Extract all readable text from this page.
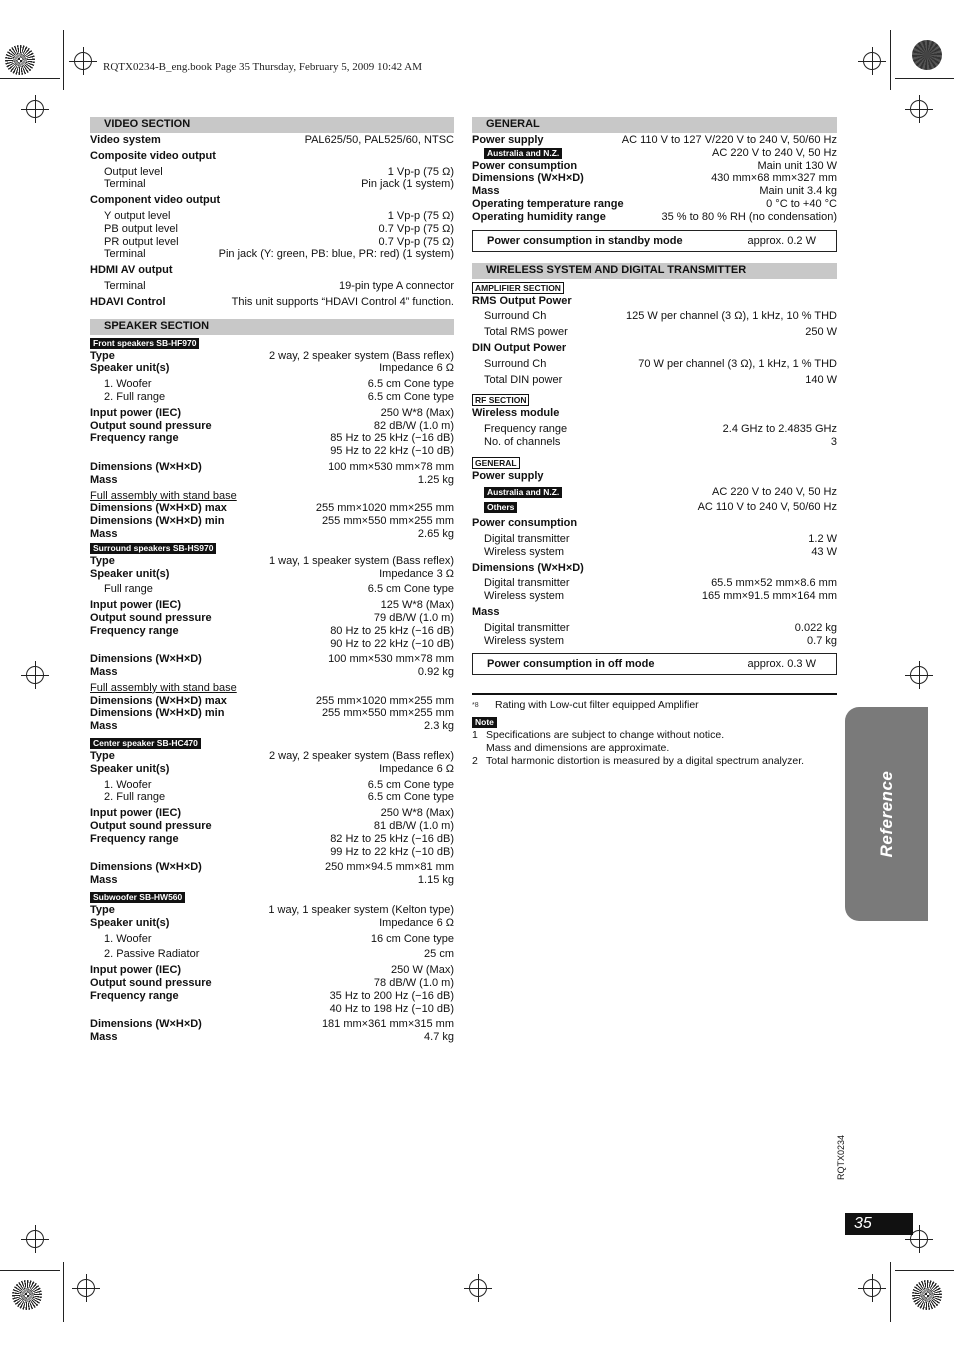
RQTX0234-B_eng.book Page 35 Thursday, February 5, 2009 10:42 AM
VIDEO SECTION
Video system	PAL625/50, PAL525/60, NTSC
Composite video output
Output level	1 Vp-p (75 Ω)
Terminal	Pin jack (1 system)
Component video output
Y output level	1 Vp-p (75 Ω)
PB output level	0.7 Vp-p (75 Ω)
PR output level	0.7 Vp-p (75 Ω)
Terminal	Pin jack (Y: green, PB: blue, PR: red) (1 system)
HDMI AV output
Terminal	19-pin type A connector
HDAVI Control	This unit supports “HDAVI Control 4” function.
SPEAKER SECTION
Front speakers SB-HF970
Type	2 way, 2 speaker system (Bass reflex)
Speaker unit(s)	Impedance 6 Ω
1. Woofer	6.5 cm Cone type
2. Full range	6.5 cm Cone type
Input power (IEC)	250 W*8 (Max)
Output sound pressure	82 dB/W (1.0 m)
Frequency range	85 Hz to 25 kHz (−16 dB)
95 Hz to 22 kHz (−10 dB)
Dimensions (W×H×D)	100 mm×530 mm×78 mm
Mass	1.25 kg
Full assembly with stand base
Dimensions (W×H×D) max	255 mm×1020 mm×255 mm
Dimensions (W×H×D) min	255 mm×550 mm×255 mm
Mass	2.65 kg
Surround speakers SB-HS970
Type	1 way, 1 speaker system (Bass reflex)
Speaker unit(s)	Impedance 3 Ω
Full range	6.5 cm Cone type
Input power (IEC)	125 W*8 (Max)
Output sound pressure	79 dB/W (1.0 m)
Frequency range	80 Hz to 25 kHz (−16 dB)
90 Hz to 22 kHz (−10 dB)
Dimensions (W×H×D)	100 mm×530 mm×78 mm
Mass	0.92 kg
Full assembly with stand base
Dimensions (W×H×D) max	255 mm×1020 mm×255 mm
Dimensions (W×H×D) min	255 mm×550 mm×255 mm
Mass	2.3 kg
Center speaker SB-HC470
Type	2 way, 2 speaker system (Bass reflex)
Speaker unit(s)	Impedance 6 Ω
1. Woofer	6.5 cm Cone type
2. Full range	6.5 cm Cone type
Input power (IEC)	250 W*8 (Max)
Output sound pressure	81 dB/W (1.0 m)
Frequency range	82 Hz to 25 kHz (−16 dB)
99 Hz to 22 kHz (−10 dB)
Dimensions (W×H×D)	250 mm×94.5 mm×81 mm
Mass	1.15 kg
Subwoofer SB-HW560
Type	1 way, 1 speaker system (Kelton type)
Speaker unit(s)	Impedance 6 Ω
1. Woofer	16 cm Cone type
2. Passive Radiator	25 cm
Input power (IEC)	250 W (Max)
Output sound pressure	78 dB/W (1.0 m)
Frequency range	35 Hz to 200 Hz (−16 dB)
40 Hz to 198 Hz (−10 dB)
Dimensions (W×H×D)	181 mm×361 mm×315 mm
Mass	4.7 kg
GENERAL
Power supply	AC 110 V to 127 V/220 V to 240 V, 50/60 Hz
Australia and N.Z.	AC 220 V to 240 V, 50 Hz
Power consumption	Main unit 130 W
Dimensions (W×H×D)	430 mm×68 mm×327 mm
Mass	Main unit 3.4 kg
Operating temperature range	0 °C to +40 °C
Operating humidity range	35 % to 80 % RH (no condensation)
Power consumption in standby mode	approx. 0.2 W
WIRELESS SYSTEM AND DIGITAL TRANSMITTER
AMPLIFIER SECTION
RMS Output Power
Surround Ch	125 W per channel (3 Ω), 1 kHz, 10 % THD
Total RMS power	250 W
DIN Output Power
Surround Ch	70 W per channel (3 Ω), 1 kHz, 1 % THD
Total DIN power	140 W
RF SECTION
Wireless module
Frequency range	2.4 GHz to 2.4835 GHz
No. of channels	3
GENERAL
Power supply
Australia and N.Z.	AC 220 V to 240 V, 50 Hz
Others	AC 110 V to 240 V, 50/60 Hz
Power consumption
Digital transmitter	1.2 W
Wireless system	43 W
Dimensions (W×H×D)
Digital transmitter	65.5 mm×52 mm×8.6 mm
Wireless system	165 mm×91.5 mm×164 mm
Mass
Digital transmitter	0.022 kg
Wireless system	0.7 kg
Power consumption in off mode	approx. 0.3 W
*8 Rating with Low-cut filter equipped Amplifier
Note
1 Specifications are subject to change without notice.
Mass and dimensions are approximate.
2 Total harmonic distortion is measured by a digital spectrum analyzer.
Reference
RQTX0234
35
